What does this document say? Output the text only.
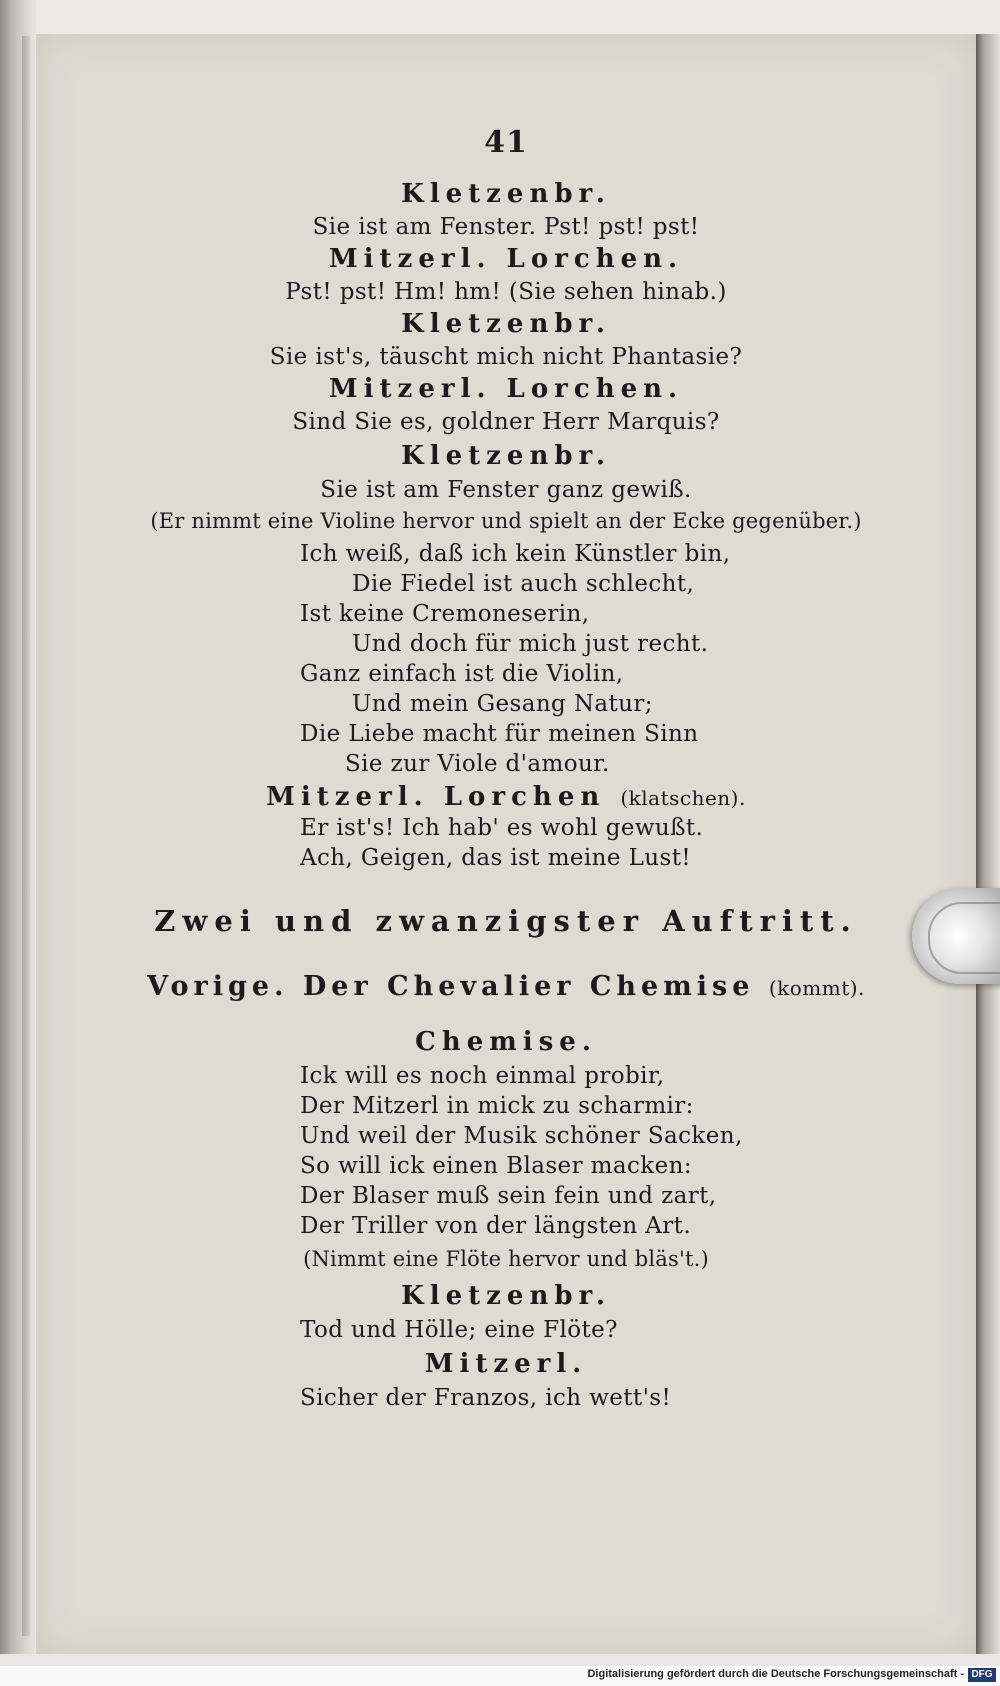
41
Kletzenbr.
Sie ist am Fenster. Pst! pst! pst!
Mitzerl. Lorchen.
Pst! pst! Hm! hm! (Sie sehen hinab.)
Kletzenbr.
Sie ist's, täuscht mich nicht Phantasie?
Mitzerl. Lorchen.
Sind Sie es, goldner Herr Marquis?
Kletzenbr.
Sie ist am Fenster ganz gewiß.
(Er nimmt eine Violine hervor und spielt an der Ecke gegenüber.)
Ich weiß, daß ich kein Künstler bin,
Die Fiedel ist auch schlecht,
Ist keine Cremoneserin,
Und doch für mich just recht.
Ganz einfach ist die Violin,
Und mein Gesang Natur;
Die Liebe macht für meinen Sinn
Sie zur Viole d'amour.
Mitzerl. Lorchen (klatschen).
Er ist's! Ich hab' es wohl gewußt.
Ach, Geigen, das ist meine Lust!
Zwei und zwanzigster Auftritt.
Vorige. Der Chevalier Chemise (kommt).
Chemise.
Ick will es noch einmal probir,
Der Mitzerl in mick zu scharmir:
Und weil der Musik schöner Sacken,
So will ick einen Blaser macken:
Der Blaser muß sein fein und zart,
Der Triller von der längsten Art.
(Nimmt eine Flöte hervor und bläs't.)
Kletzenbr.
Tod und Hölle; eine Flöte?
Mitzerl.
Sicher der Franzos, ich wett's!
Digitalisierung gefördert durch die Deutsche Forschungsgemeinschaft - DFG
